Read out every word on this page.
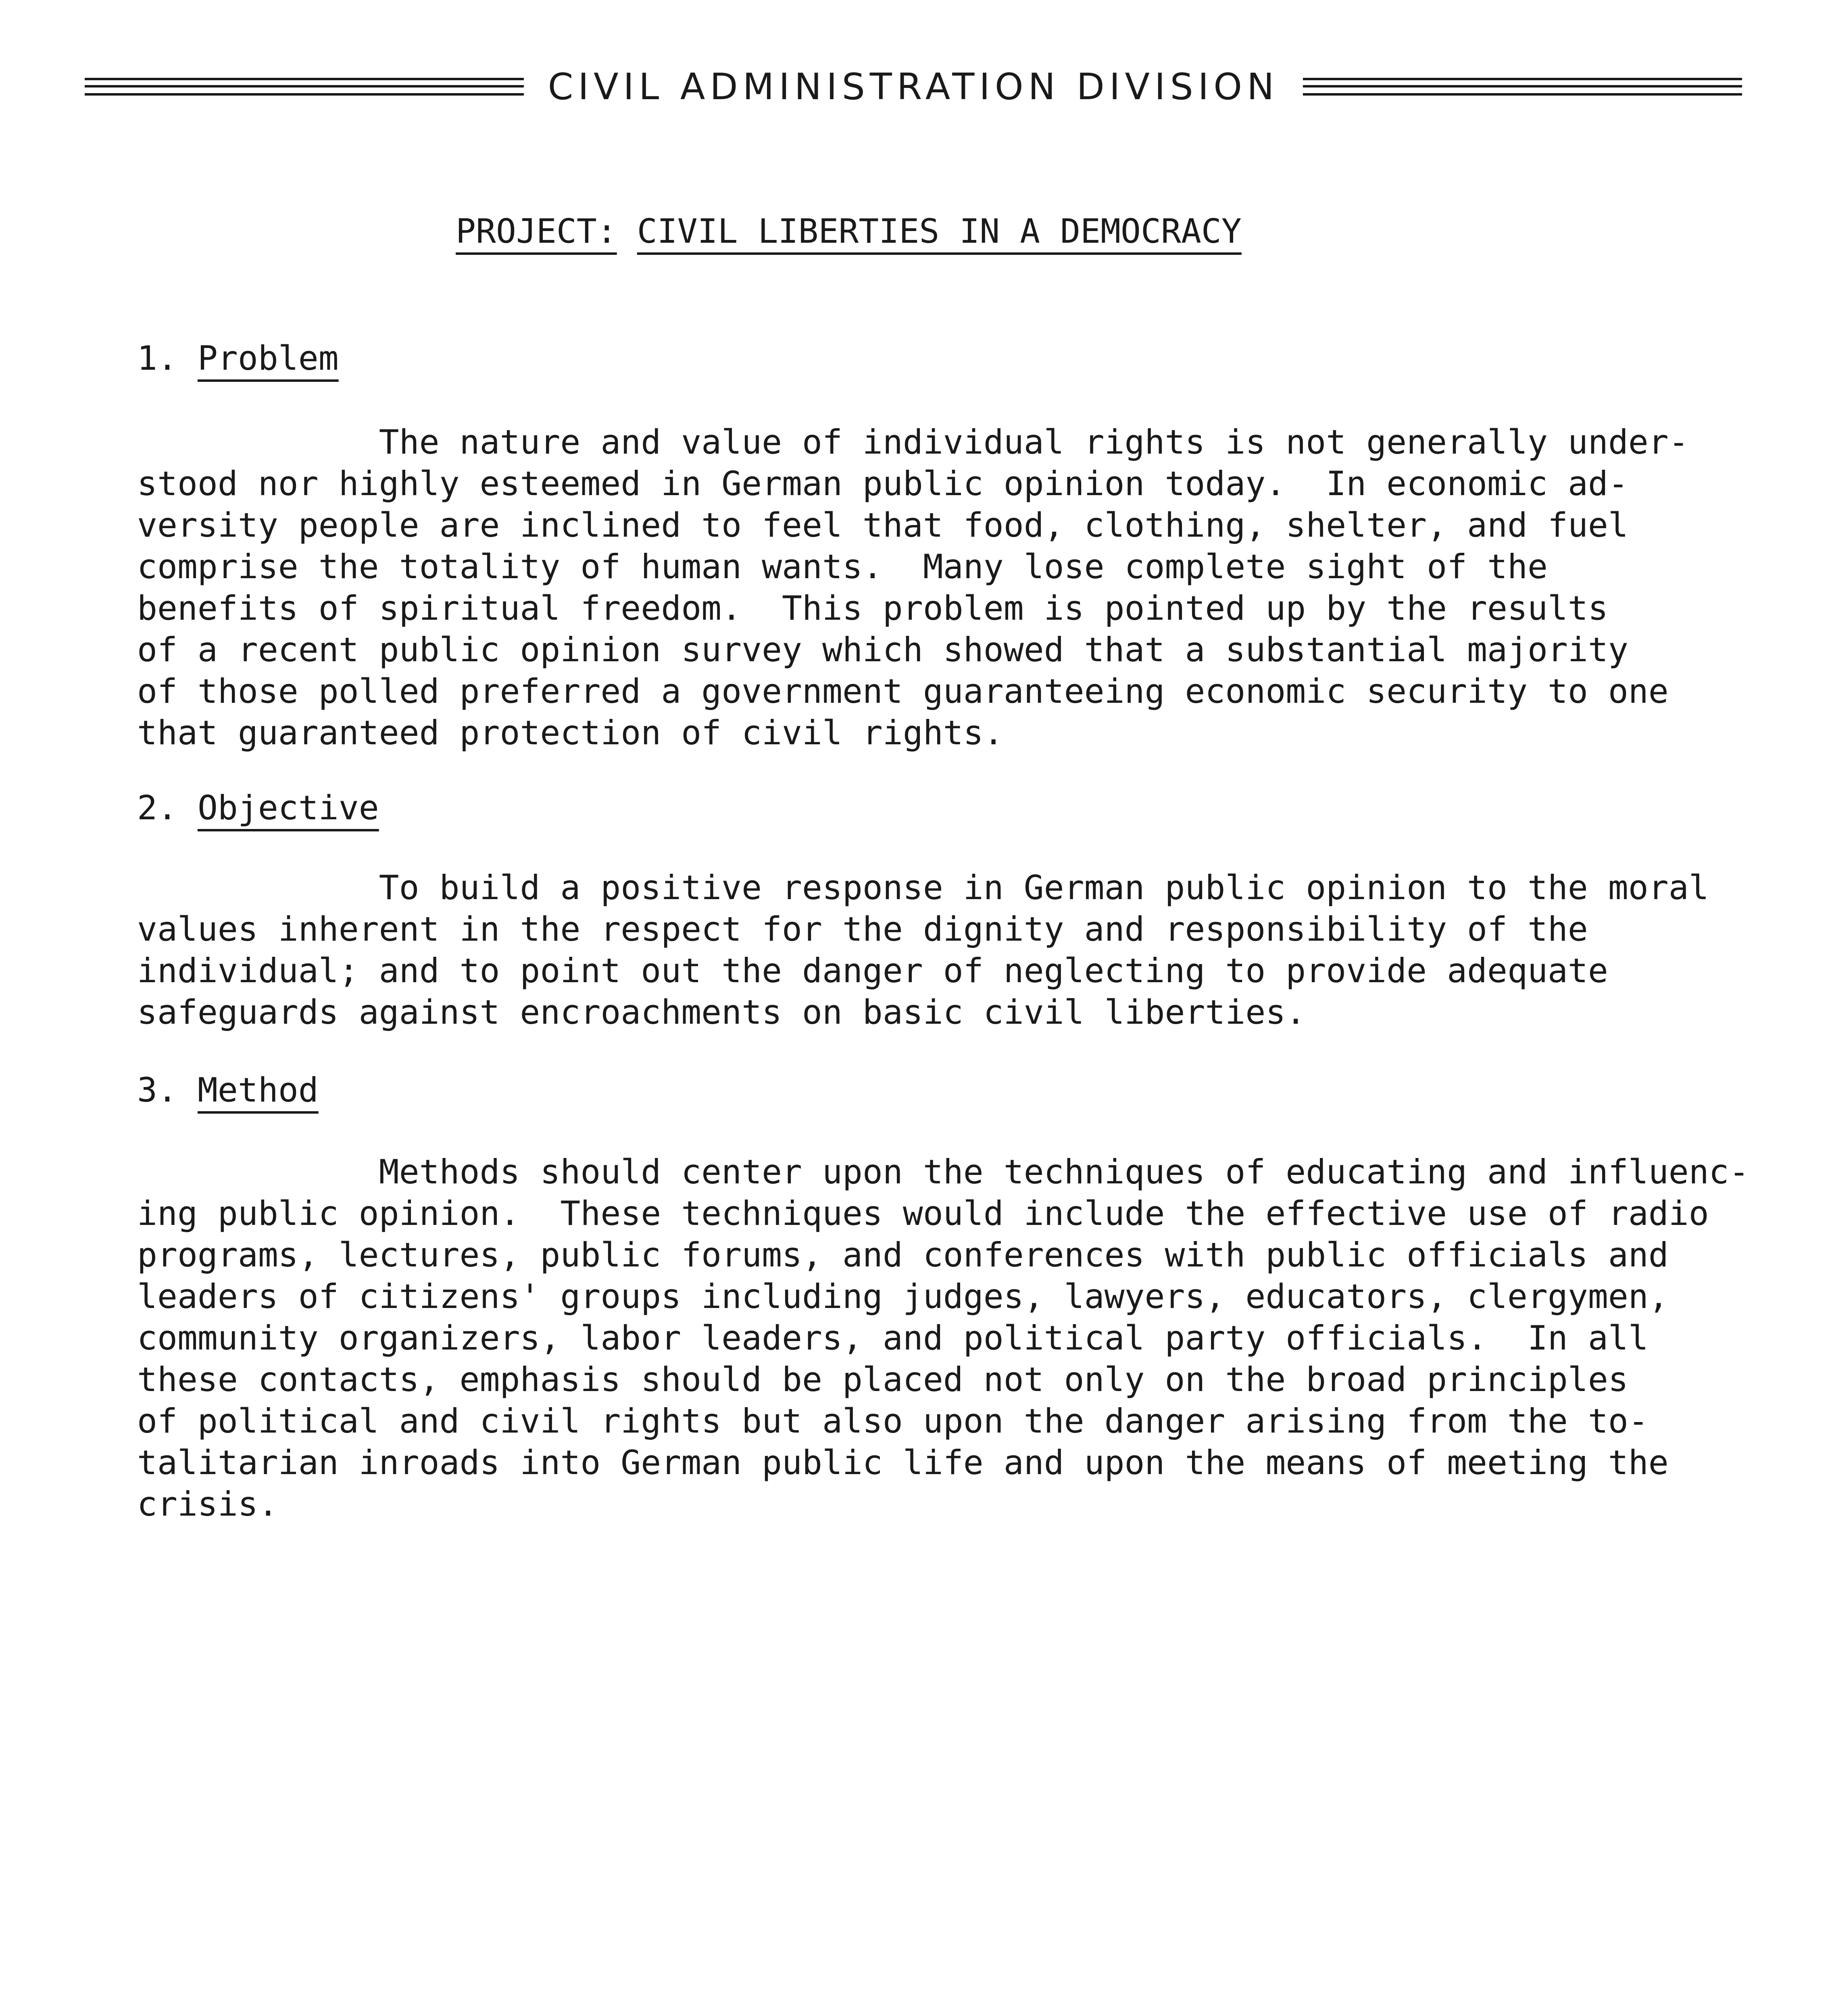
CIVIL ADMINISTRATION DIVISION
PROJECT: CIVIL LIBERTIES IN A DEMOCRACY
1. Problem
The nature and value of individual rights is not generally under-
stood nor highly esteemed in German public opinion today.  In economic ad-
versity people are inclined to feel that food, clothing, shelter, and fuel
comprise the totality of human wants.  Many lose complete sight of the
benefits of spiritual freedom.  This problem is pointed up by the results
of a recent public opinion survey which showed that a substantial majority
of those polled preferred a government guaranteeing economic security to one
that guaranteed protection of civil rights.
2. Objective
To build a positive response in German public opinion to the moral
values inherent in the respect for the dignity and responsibility of the
individual; and to point out the danger of neglecting to provide adequate
safeguards against encroachments on basic civil liberties.
3. Method
Methods should center upon the techniques of educating and influenc-
ing public opinion.  These techniques would include the effective use of radio
programs, lectures, public forums, and conferences with public officials and
leaders of citizens' groups including judges, lawyers, educators, clergymen,
community organizers, labor leaders, and political party officials.  In all
these contacts, emphasis should be placed not only on the broad principles
of political and civil rights but also upon the danger arising from the to-
talitarian inroads into German public life and upon the means of meeting the
crisis.
